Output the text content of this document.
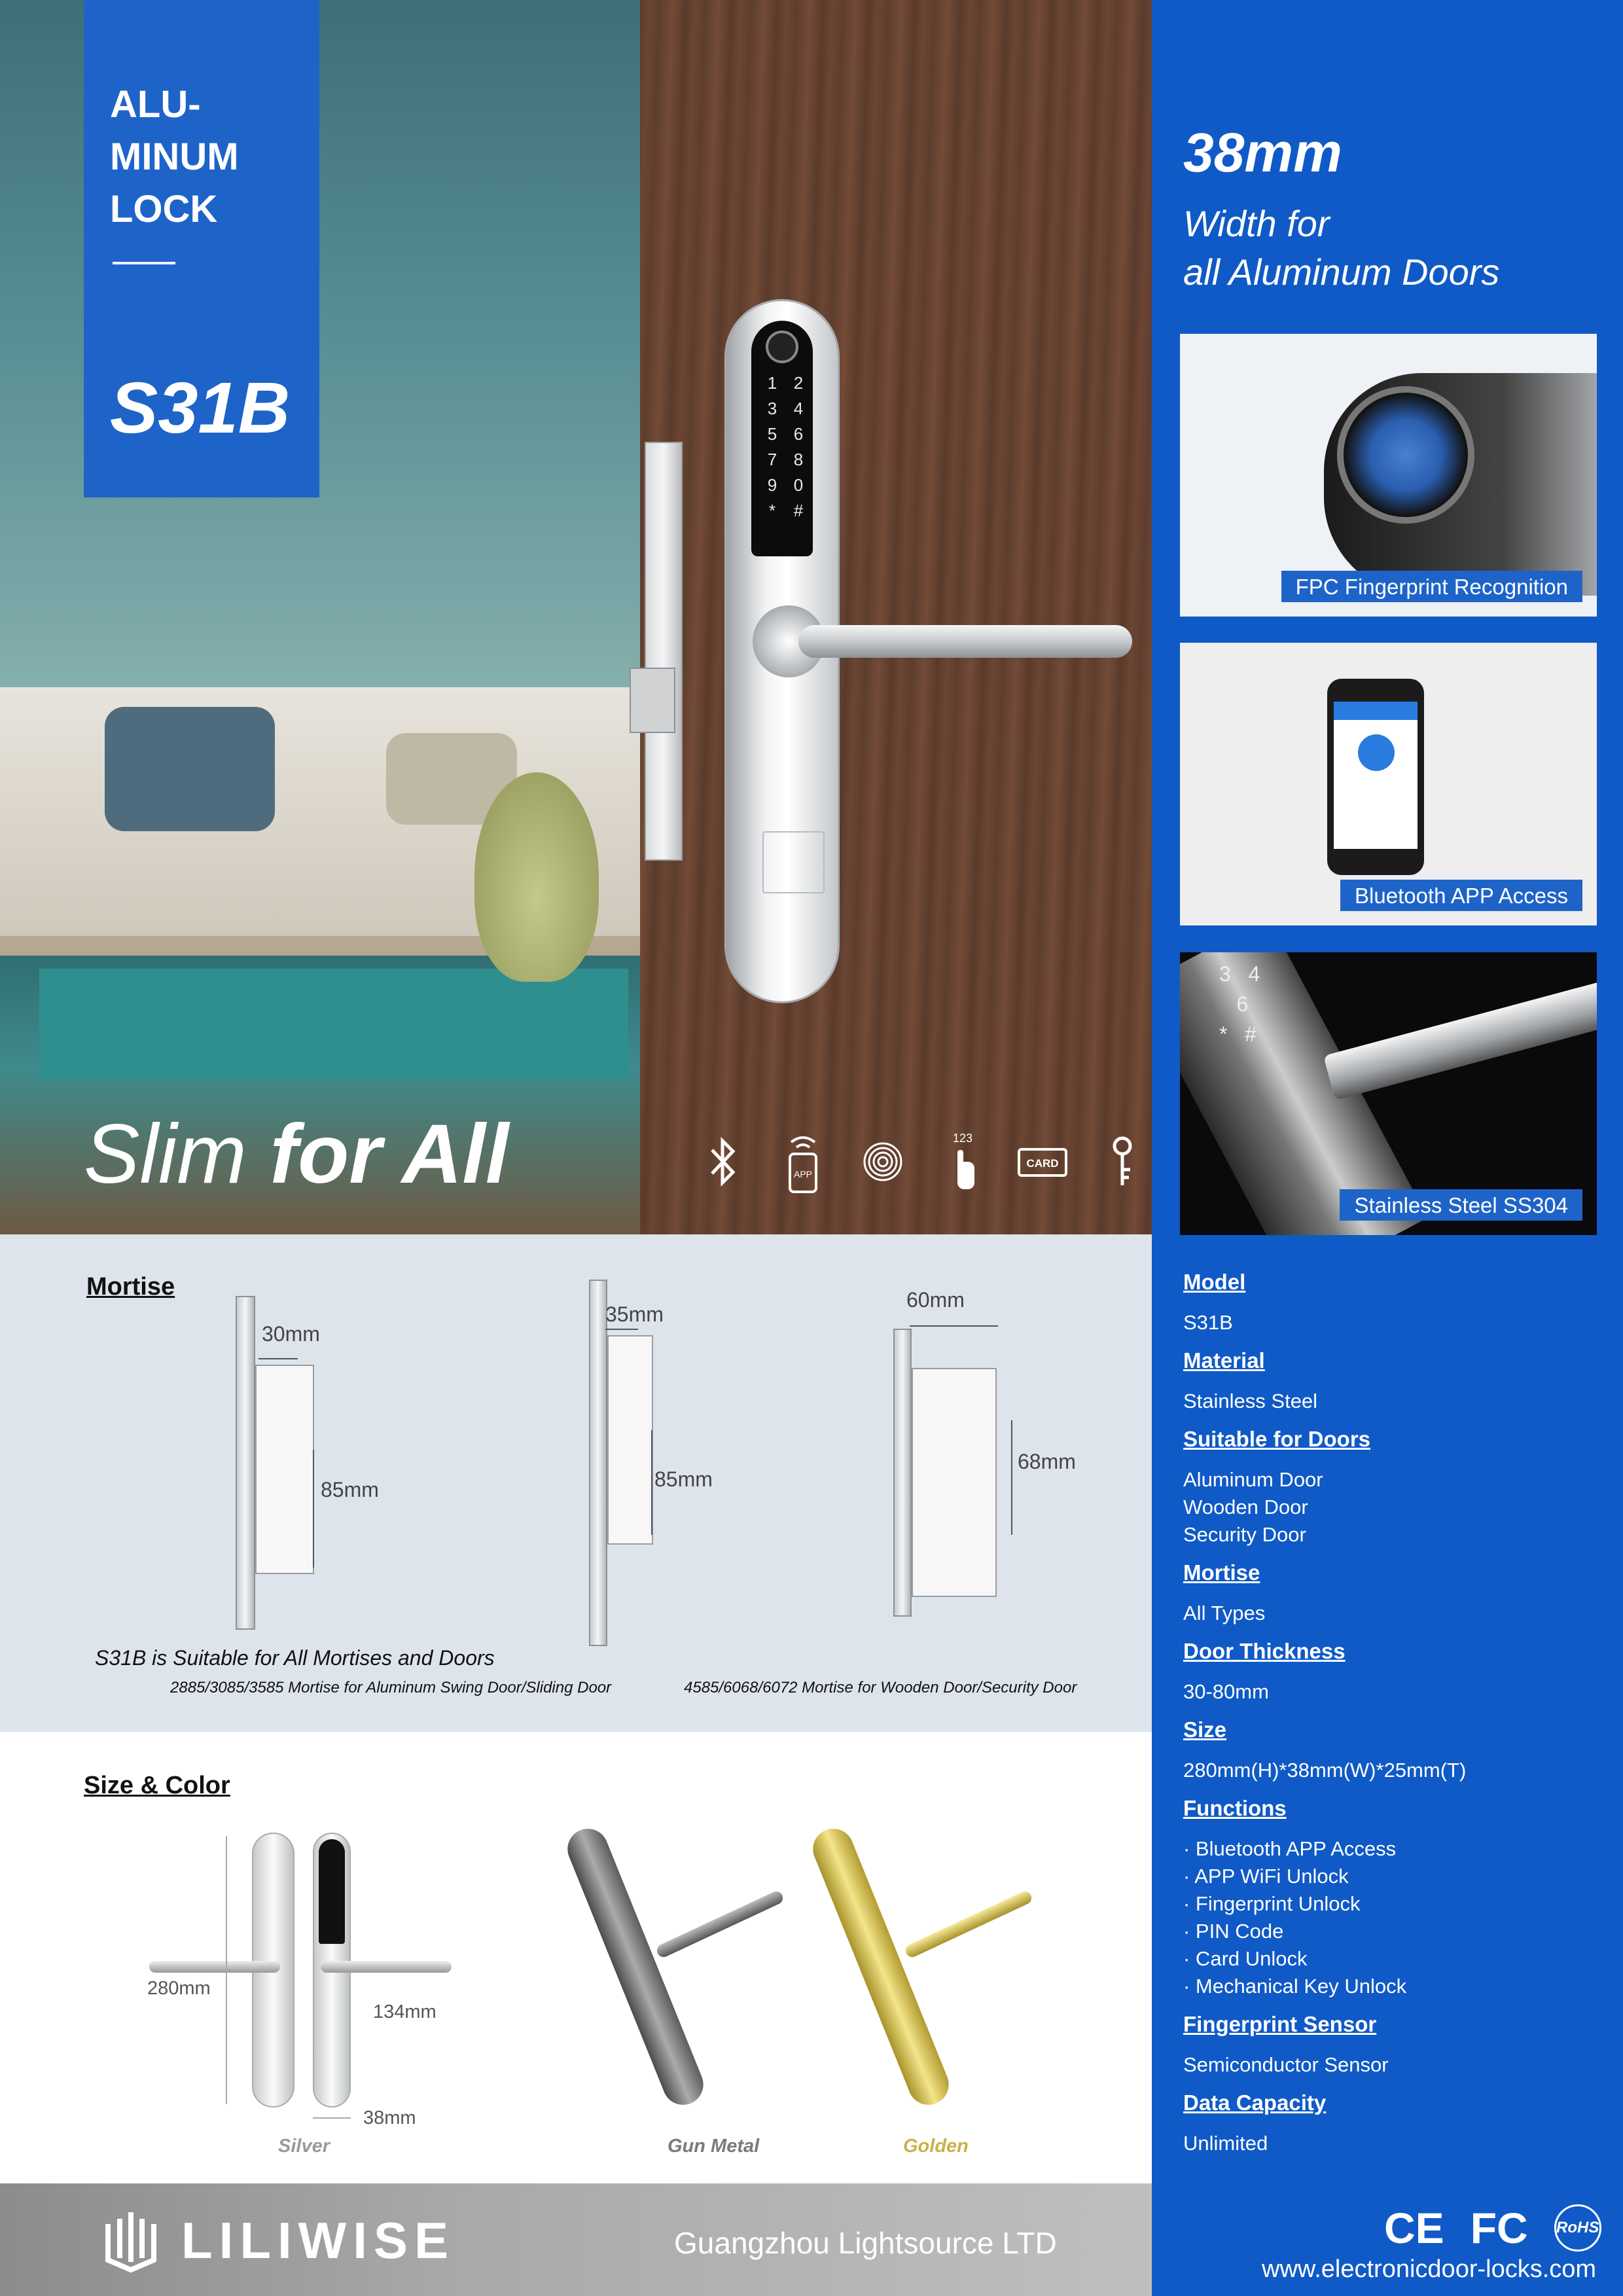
1 2
3 4
5 6
7 8
9 0
*	#
ALU-
MINUM
LOCK
S31B
Slim for All	APP
123
CARD
38mm
Width for
all Aluminum Doors
FPC Fingerprint Recognition
Bluetooth APP Access
3 4
6
* #
Stainless Steel SS304
Model
S31B
Material
Stainless Steel
Suitable for Doors
Aluminum Door
Wooden Door
Security Door
Mortise
All Types
Door Thickness
30-80mm
Size
280mm(H)*38mm(W)*25mm(T)
Functions
· Bluetooth APP Access
· APP WiFi Unlock
· Fingerprint Unlock
· PIN Code
· Card Unlock
· Mechanical Key Unlock
Fingerprint Sensor
Semiconductor Sensor
Data Capacity
Unlimited
Mortise
30mm
85mm
35mm
85mm
60mm
68mm
S31B is Suitable for All Mortises and Doors
2885/3085/3585 Mortise for Aluminum Swing Door/Sliding Door	4585/6068/6072 Mortise for Wooden Door/Security Door
Size & Color
280mm
134mm
38mm
Silver	Gun Metal	Golden
LILIWISE	Guangzhou Lightsource LTD	CE FC RoHS
www.electronicdoor-locks.com
